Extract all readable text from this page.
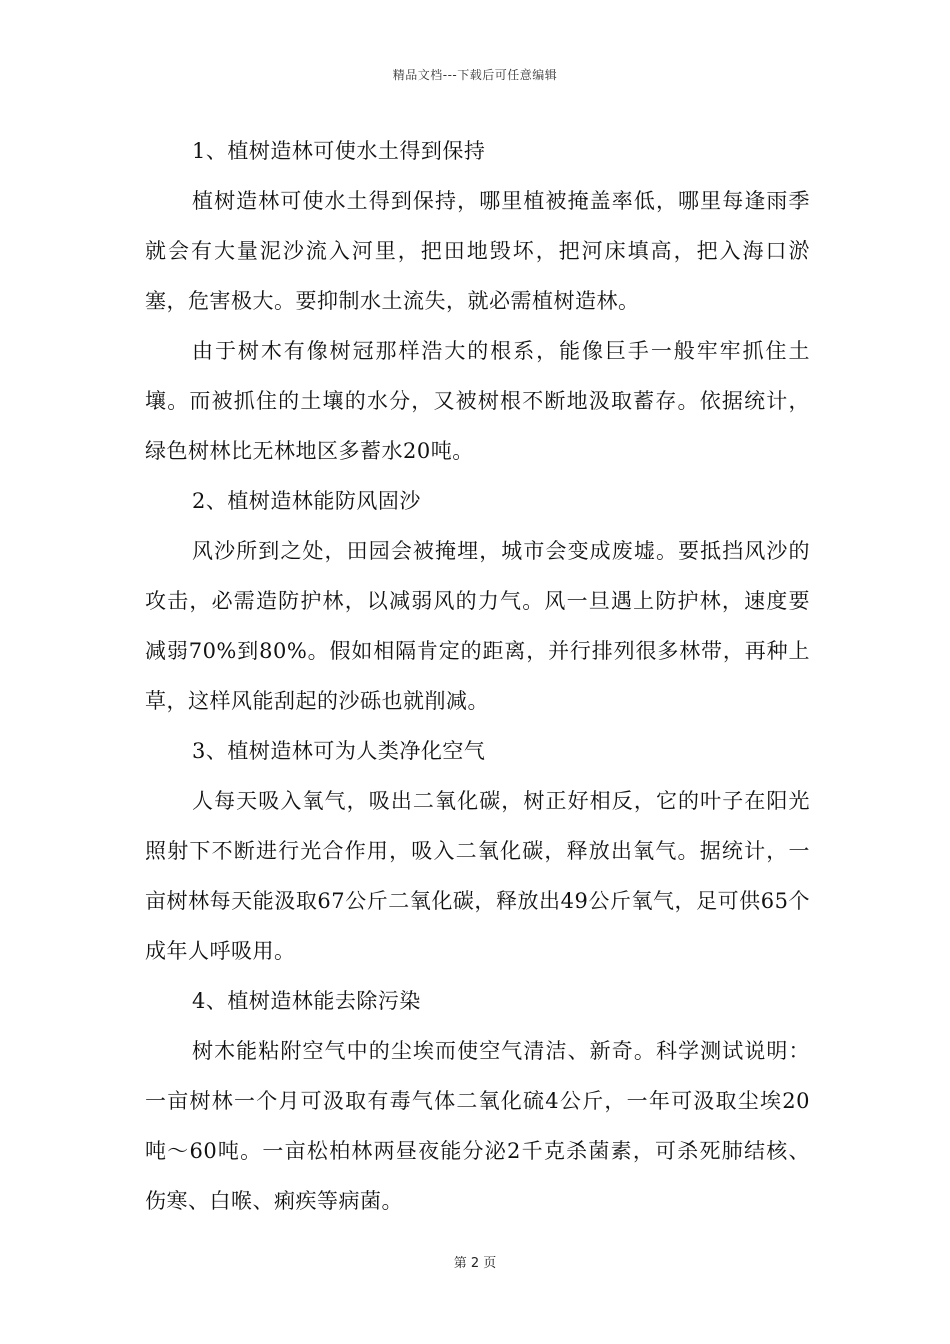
精品文档---下载后可任意编辑

1、植树造林可使水土得到保持

植树造林可使水土得到保持，哪里植被掩盖率低，哪里每逢雨季就会有大量泥沙流入河里，把田地毁坏，把河床填高，把入海口淤塞，危害极大。要抑制水土流失，就必需植树造林。

由于树木有像树冠那样浩大的根系，能像巨手一般牢牢抓住土壤。而被抓住的土壤的水分，又被树根不断地汲取蓄存。依据统计，绿色树林比无林地区多蓄水20吨。

2、植树造林能防风固沙

风沙所到之处，田园会被掩埋，城市会变成废墟。要抵挡风沙的攻击，必需造防护林，以减弱风的力气。风一旦遇上防护林，速度要减弱70%到80%。假如相隔肯定的距离，并行排列很多林带，再种上草，这样风能刮起的沙砾也就削减。

3、植树造林可为人类净化空气

人每天吸入氧气，吸出二氧化碳，树正好相反，它的叶子在阳光照射下不断进行光合作用，吸入二氧化碳，释放出氧气。据统计，一亩树林每天能汲取67公斤二氧化碳，释放出49公斤氧气，足可供65个成年人呼吸用。

4、植树造林能去除污染

树木能粘附空气中的尘埃而使空气清洁、新奇。科学测试说明：一亩树林一个月可汲取有毒气体二氧化硫4公斤，一年可汲取尘埃20吨～60吨。一亩松柏林两昼夜能分泌2千克杀菌素，可杀死肺结核、伤寒、白喉、痢疾等病菌。

第 2 页
